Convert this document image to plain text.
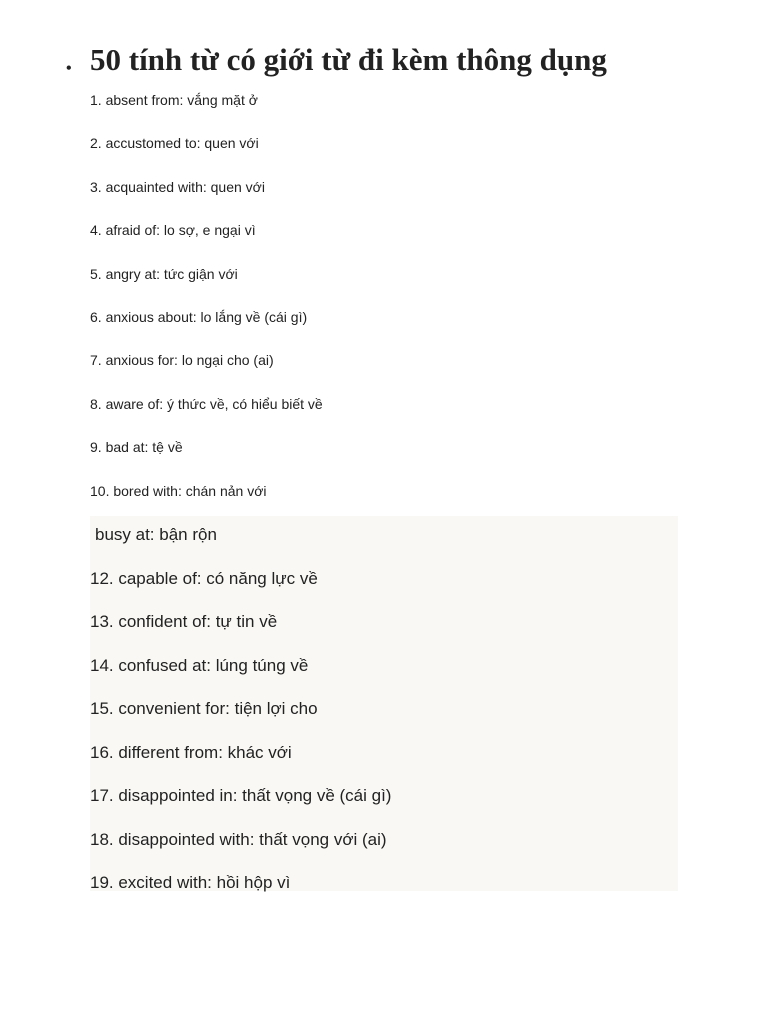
• 50 tính từ có giới từ đi kèm thông dụng
1. absent from: vắng mặt ở
2. accustomed to: quen với
3. acquainted with: quen với
4. afraid of: lo sợ, e ngại vì
5. angry at: tức giận với
6. anxious about: lo lắng về (cái gì)
7. anxious for: lo ngại cho (ai)
8. aware of: ý thức về, có hiểu biết về
9. bad at: tệ về
10. bored with: chán nản với
busy at: bận rộn
12. capable of: có năng lực về
13. confident of: tự tin về
14. confused at: lúng túng về
15. convenient for: tiện lợi cho
16. different from: khác với
17. disappointed in: thất vọng về (cái gì)
18. disappointed with: thất vọng với (ai)
19. excited with: hồi hộp vì
